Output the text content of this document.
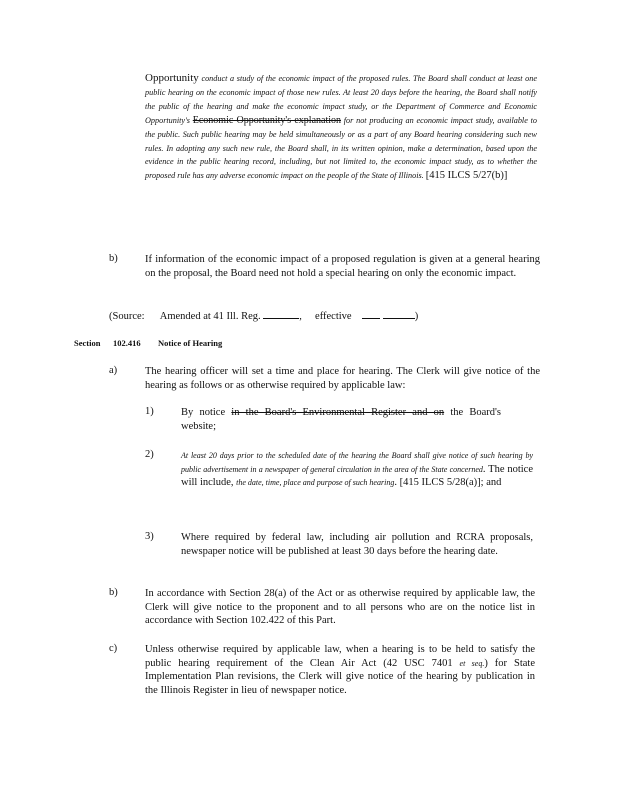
Opportunity conduct a study of the economic impact of the proposed rules. The Board shall conduct at least one public hearing on the economic impact of those new rules. At least 20 days before the hearing, the Board shall notify the public of the hearing and make the economic impact study, or the Department of Commerce and Economic Opportunity's Economic Opportunity's explanation for not producing an economic impact study, available to the public. Such public hearing may be held simultaneously or as a part of any Board hearing considering such new rules. In adopting any such new rule, the Board shall, in its written opinion, make a determination, based upon the evidence in the public hearing record, including, but not limited to, the economic impact study, as to whether the proposed rule has any adverse economic impact on the people of the State of Illinois. [415 ILCS 5/27(b)]
b)	If information of the economic impact of a proposed regulation is given at a general hearing on the proposal, the Board need not hold a special hearing on only the economic impact.
(Source: Amended at 41 Ill. Reg.	,     effective	)
Section 102.416 Notice of Hearing
a)	The hearing officer will set a time and place for hearing. The Clerk will give notice of the hearing as follows or as otherwise required by applicable law:
1)	By notice in the Board's Environmental Register and on the Board's website;
2)	At least 20 days prior to the scheduled date of the hearing the Board shall give notice of such hearing by public advertisement in a newspaper of general circulation in the area of the State concerned. The notice will include, the date, time, place and purpose of such hearing. [415 ILCS 5/28(a)]; and
3)	Where required by federal law, including air pollution and RCRA proposals, newspaper notice will be published at least 30 days before the hearing date.
b)	In accordance with Section 28(a) of the Act or as otherwise required by applicable law, the Clerk will give notice to the proponent and to all persons who are on the notice list in accordance with Section 102.422 of this Part.
c)	Unless otherwise required by applicable law, when a hearing is to be held to satisfy the public hearing requirement of the Clean Air Act (42 USC 7401 et seq.) for State Implementation Plan revisions, the Clerk will give notice of the hearing by publication in the Illinois Register in lieu of newspaper notice.
